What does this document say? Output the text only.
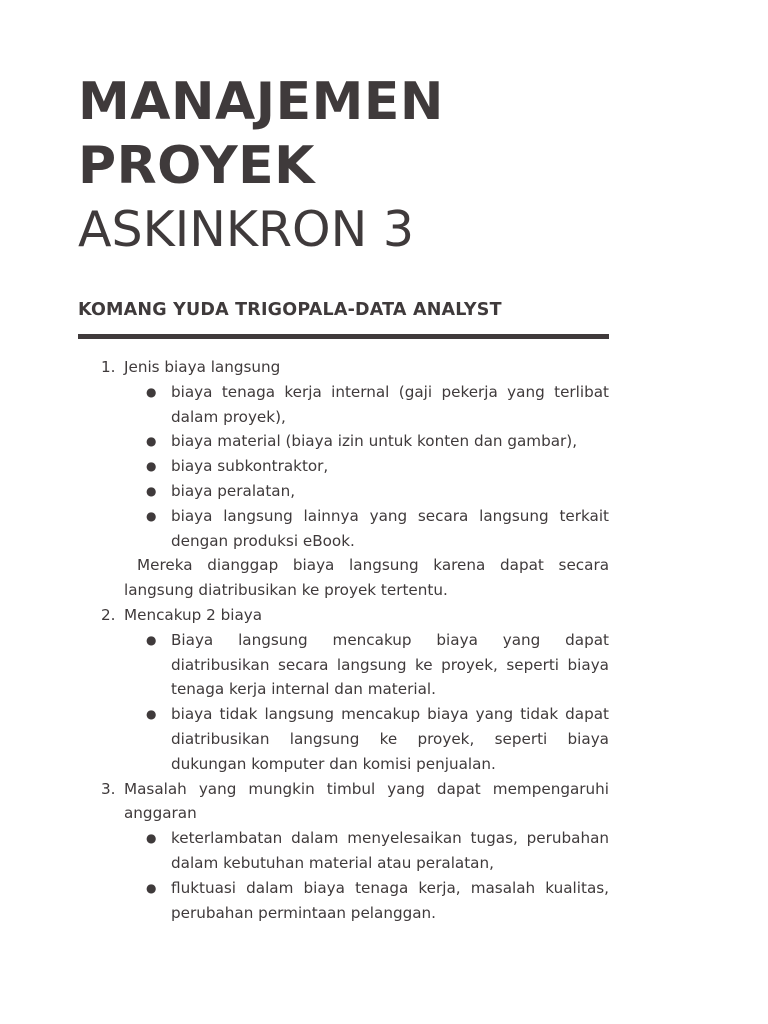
MANAJEMEN
PROYEK
ASKINKRON 3
KOMANG YUDA TRIGOPALA-DATA ANALYST
1. Jenis biaya langsung
● biaya tenaga kerja internal (gaji pekerja yang terlibat dalam proyek),
● biaya material (biaya izin untuk konten dan gambar),
● biaya subkontraktor,
● biaya peralatan,
● biaya langsung lainnya yang secara langsung terkait dengan produksi eBook.
Mereka dianggap biaya langsung karena dapat secara langsung diatribusikan ke proyek tertentu.
2. Mencakup 2 biaya
● Biaya langsung mencakup biaya yang dapat diatribusikan secara langsung ke proyek, seperti biaya tenaga kerja internal dan material.
● biaya tidak langsung mencakup biaya yang tidak dapat diatribusikan langsung ke proyek, seperti biaya dukungan komputer dan komisi penjualan.
3. Masalah yang mungkin timbul yang dapat mempengaruhi anggaran
● keterlambatan dalam menyelesaikan tugas, perubahan dalam kebutuhan material atau peralatan,
● fluktuasi dalam biaya tenaga kerja, masalah kualitas, perubahan permintaan pelanggan.
